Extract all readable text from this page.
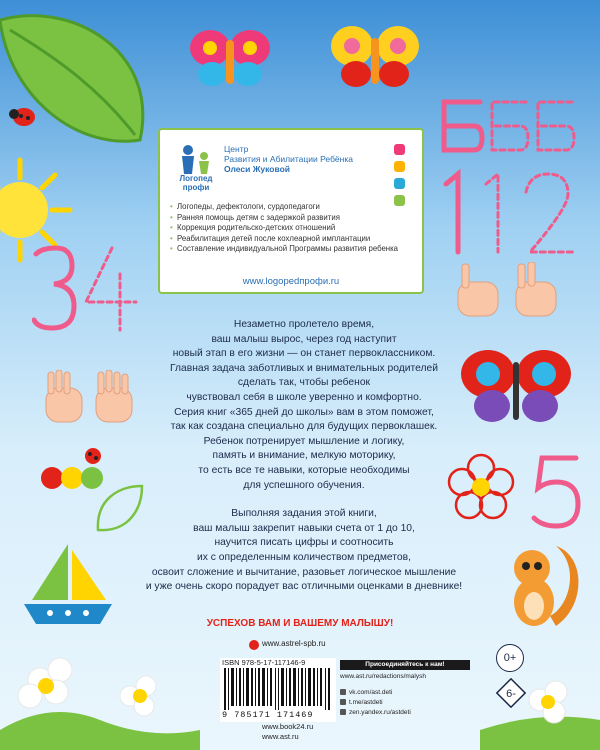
Логопед
профи
Центр
Развития и Абилитации Ребёнка
Олеси Жуковой
• Логопеды, дефектологи, сурдопедагоги
• Ранняя помощь детям с задержкой развития
• Коррекция родительско-детских отношений
• Реабилитация детей после кохлеарной имплантации
• Составление индивидуальной Программы развития ребенка
www.logopedпрофи.ru

Незаметно пролетело время,
ваш малыш вырос, через год наступит
новый этап в его жизни — он станет первоклассником.
Главная задача заботливых и внимательных родителей
сделать так, чтобы ребенок
чувствовал себя в школе уверенно и комфортно.
Серия книг «365 дней до школы» вам в этом поможет,
так как создана специально для будущих первоклашек.
Ребенок потренирует мышление и логику,
память и внимание, мелкую моторику,
то есть все те навыки, которые необходимы
для успешного обучения.

Выполняя задания этой книги,
ваш малыш закрепит навыки счета от 1 до 10,
научится писать цифры и соотносить
их с определенным количеством предметов,
освоит сложение и вычитание, разовьет логическое мышление
и уже очень скоро порадует вас отличными оценками в дневнике!

УСПЕХОВ ВАМ И ВАШЕМУ МАЛЫШУ!
www.astrel-spb.ru
ISBN 978-5-17-117146-9
9 785171 171469
Присоединяйтесь к нам!
www.ast.ru/redactions/malysh
vk.com/ast.deti
t.me/astdeti
zen.yandex.ru/astdeti
www.book24.ru
www.ast.ru
0+
6-
